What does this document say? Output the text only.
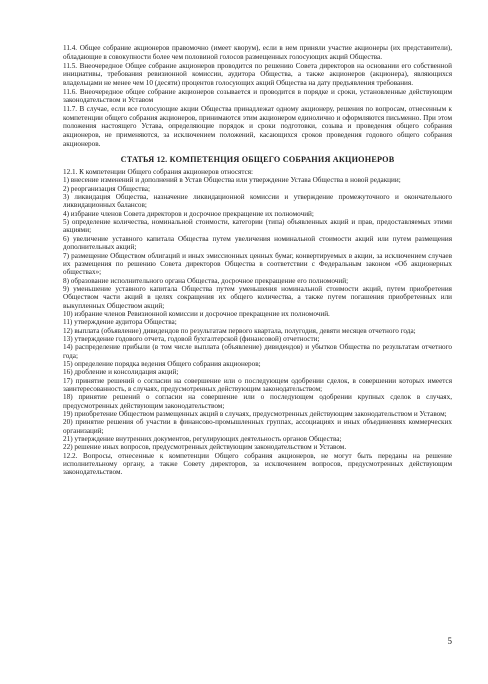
11.4. Общее собрание акционеров правомочно (имеет кворум), если в нем приняли участие акционеры (их представители), обладающие в совокупности более чем половиной голосов размещенных голосующих акций Общества.

11.5. Внеочередное Общее собрание акционеров проводится по решению Совета директоров на основании его собственной инициативы, требования ревизионной комиссии, аудитора Общества, а также акционеров (акционера), являющихся владельцами не менее чем 10 (десяти) процентов голосующих акций Общества на дату предъявления требования.

11.6. Внеочередное общее собрание акционеров созывается и проводится в порядке и сроки, установленные действующим законодательством и Уставом

11.7. В случае, если все голосующие акции Общества принадлежат одному акционеру, решения по вопросам, отнесенным к компетенции общего собрания акционеров, принимаются этим акционером единолично и оформляются письменно. При этом положения настоящего Устава, определяющие порядок и сроки подготовки, созыва и проведения общего собрания акционеров, не применяются, за исключением положений, касающихся сроков проведения годового общего собрания акционеров.

СТАТЬЯ 12. КОМПЕТЕНЦИЯ ОБЩЕГО СОБРАНИЯ АКЦИОНЕРОВ

12.1. К компетенции Общего собрания акционеров относятся:

1) внесение изменений и дополнений в Устав Общества или утверждение Устава Общества в новой редакции;

2) реорганизация Общества;

3) ликвидация Общества, назначение ликвидационной комиссии и утверждение промежуточного и окончательного ликвидационных балансов;

4) избрание членов Совета директоров и досрочное прекращение их полномочий;

5) определение количества, номинальной стоимости, категории (типа) объявленных акций и прав, предоставляемых этими акциями;

6) увеличение уставного капитала Общества путем увеличения номинальной стоимости акций или путем размещения дополнительных акций;

7) размещение Обществом облигаций и иных эмиссионных ценных бумаг, конвертируемых в акции, за исключением случаев их размещения по решению Совета директоров Общества в соответствии с Федеральным законом «Об акционерных обществах»;

8) образование исполнительного органа Общества, досрочное прекращение его полномочий;

9) уменьшение уставного капитала Общества путем уменьшения номинальной стоимости акций, путем приобретения Обществом части акций в целях сокращения их общего количества, а также путем погашения приобретенных или выкупленных Обществом акций;

10) избрание членов Ревизионной комиссии и досрочное прекращение их полномочий.

11) утверждение аудитора Общества;

12) выплата (объявление) дивидендов по результатам первого квартала, полугодия, девяти месяцев отчетного года;

13) утверждение годового отчета, годовой бухгалтерской (финансовой) отчетности;

14) распределение прибыли (в том числе выплата (объявление) дивидендов) и убытков Общества по результатам отчетного года;

15) определение порядка ведения Общего собрания акционеров;

16) дробление и консолидация акций;

17) принятие решений о согласии на совершение или о последующем одобрении сделок, в совершении которых имеется заинтересованность, в случаях, предусмотренных действующим законодательством;

18) принятие решений о согласии на совершение или о последующем одобрении крупных сделок в случаях, предусмотренных действующим законодательством;

19) приобретение Обществом размещенных акций в случаях, предусмотренных действующим законодательством и Уставом;

20) принятие решения об участии в финансово-промышленных группах, ассоциациях и иных объединениях коммерческих организаций;

21) утверждение внутренних документов, регулирующих деятельность органов Общества;

22) решение иных вопросов, предусмотренных действующим законодательством и Уставом.

12.2. Вопросы, отнесенные к компетенции Общего собрания акционеров, не могут быть переданы на решение исполнительному органу, а также Совету директоров, за исключением вопросов, предусмотренных действующим законодательством.

5
